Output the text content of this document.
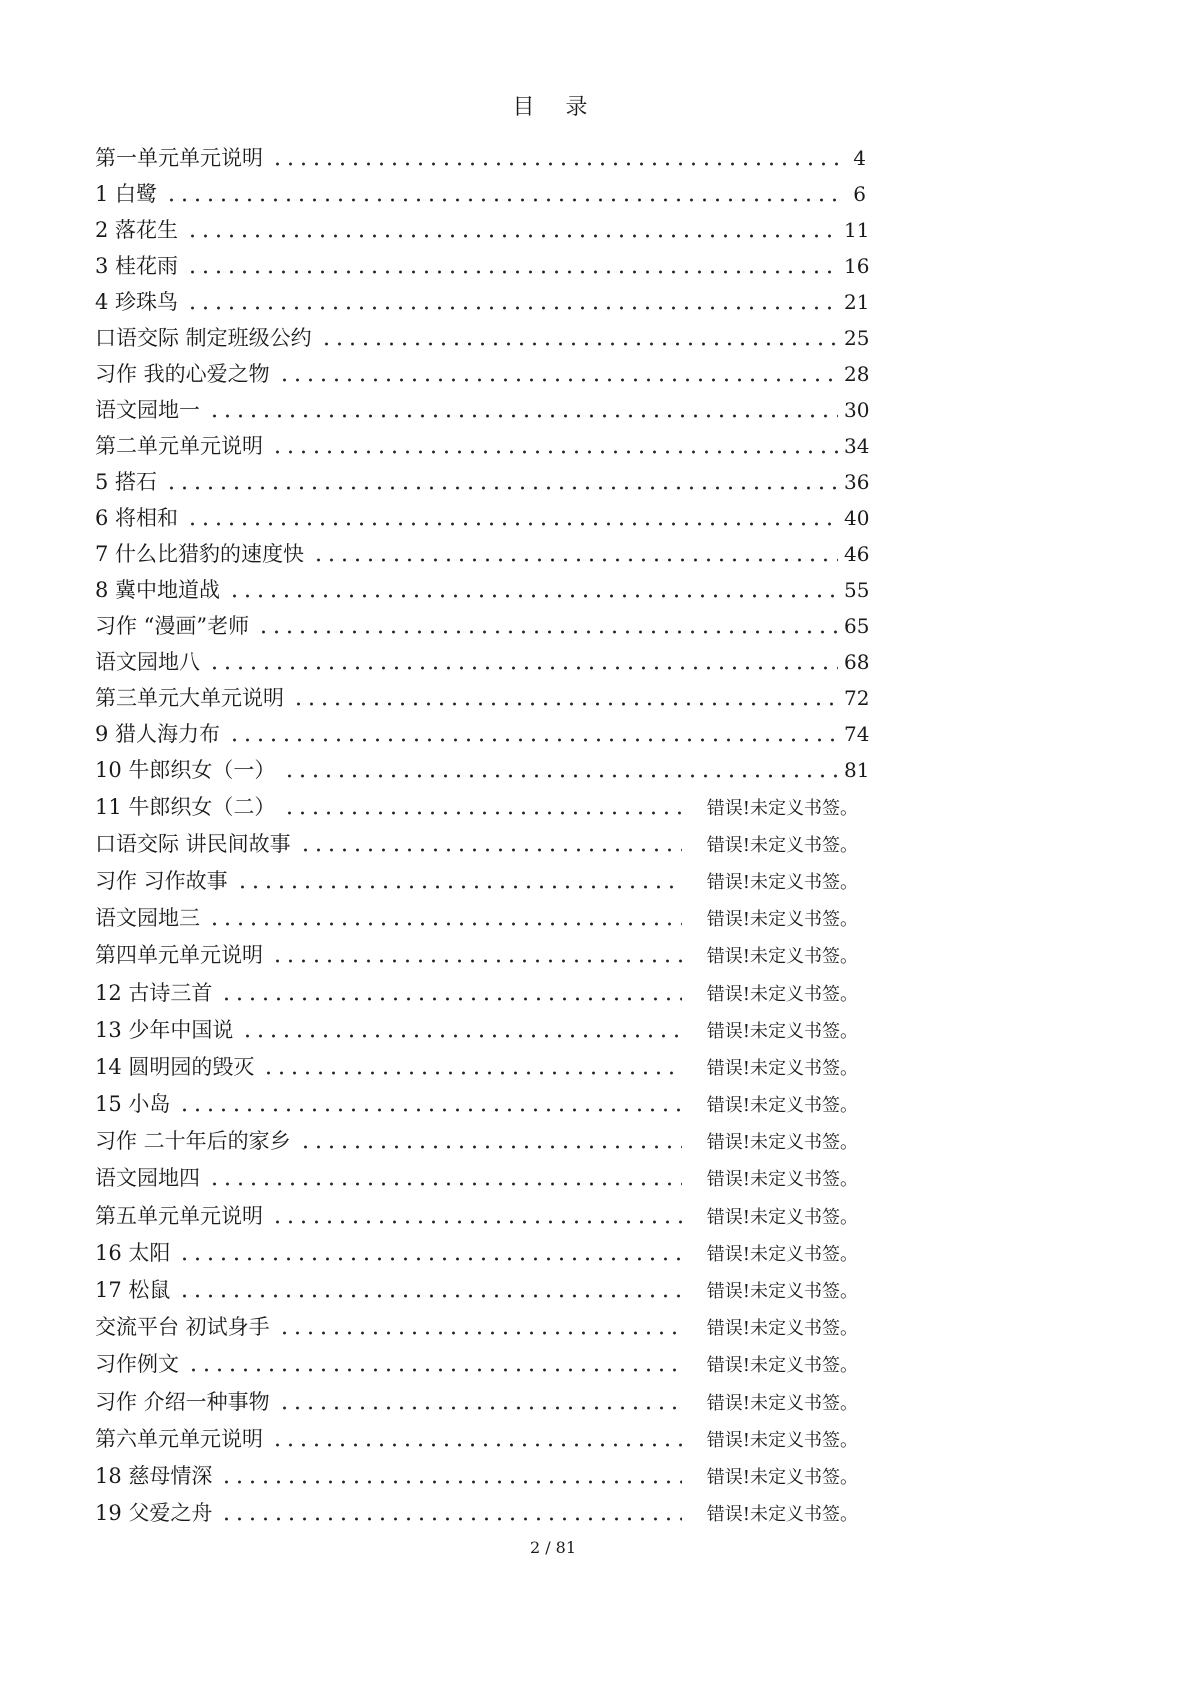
目 录
第一单元单元说明	4
1 白鹭	6
2 落花生	11
3 桂花雨	16
4 珍珠鸟	21
口语交际 制定班级公约	25
习作 我的心爱之物	28
语文园地一	30
第二单元单元说明	34
5 搭石	36
6 将相和	40
7 什么比猎豹的速度快	46
8 冀中地道战	55
习作 “漫画”老师	65
语文园地八	68
第三单元大单元说明	72
9 猎人海力布	74
10 牛郎织女（一）	81
11 牛郎织女（二）	错误!未定义书签。
口语交际 讲民间故事	错误!未定义书签。
习作 习作故事	错误!未定义书签。
语文园地三	错误!未定义书签。
第四单元单元说明	错误!未定义书签。
12 古诗三首	错误!未定义书签。
13 少年中国说	错误!未定义书签。
14 圆明园的毁灭	错误!未定义书签。
15 小岛	错误!未定义书签。
习作 二十年后的家乡	错误!未定义书签。
语文园地四	错误!未定义书签。
第五单元单元说明	错误!未定义书签。
16 太阳	错误!未定义书签。
17 松鼠	错误!未定义书签。
交流平台 初试身手	错误!未定义书签。
习作例文	错误!未定义书签。
习作 介绍一种事物	错误!未定义书签。
第六单元单元说明	错误!未定义书签。
18 慈母情深	错误!未定义书签。
19 父爱之舟	错误!未定义书签。
2 / 81
